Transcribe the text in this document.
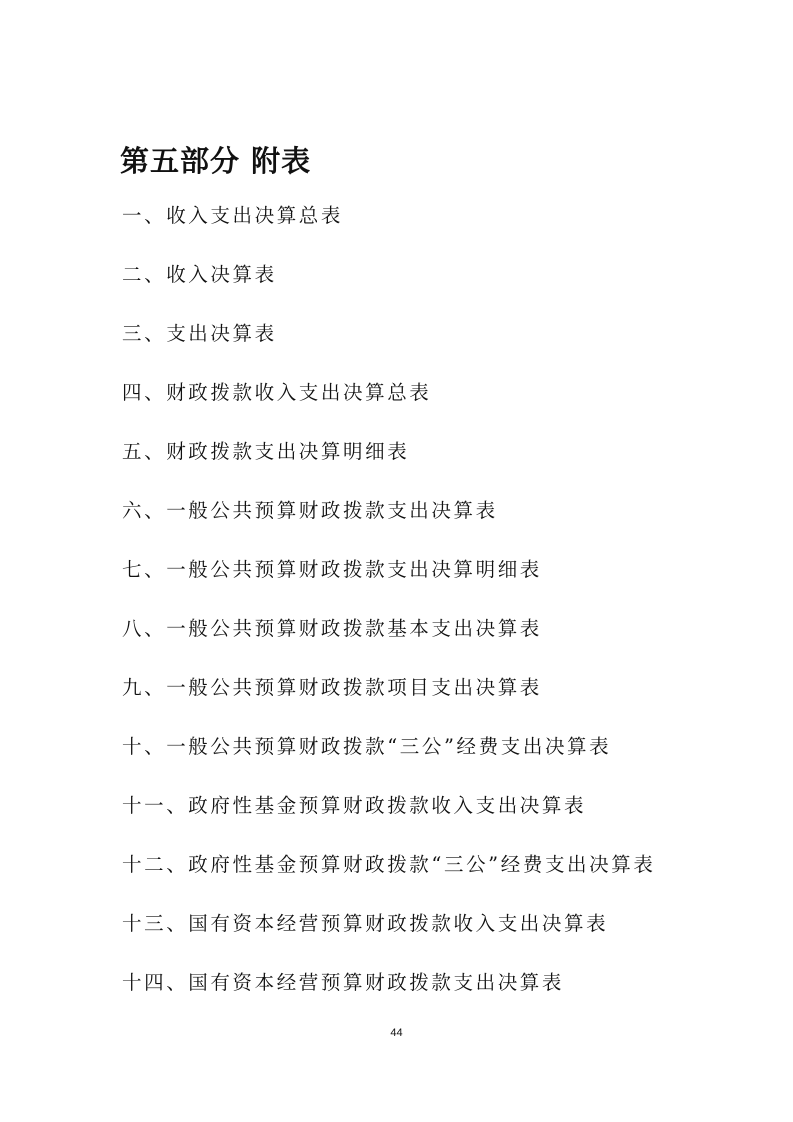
第五部分 附表
一、收入支出决算总表
二、收入决算表
三、支出决算表
四、财政拨款收入支出决算总表
五、财政拨款支出决算明细表
六、一般公共预算财政拨款支出决算表
七、一般公共预算财政拨款支出决算明细表
八、一般公共预算财政拨款基本支出决算表
九、一般公共预算财政拨款项目支出决算表
十、一般公共预算财政拨款“三公”经费支出决算表
十一、政府性基金预算财政拨款收入支出决算表
十二、政府性基金预算财政拨款“三公”经费支出决算表
十三、国有资本经营预算财政拨款收入支出决算表
十四、国有资本经营预算财政拨款支出决算表
44
